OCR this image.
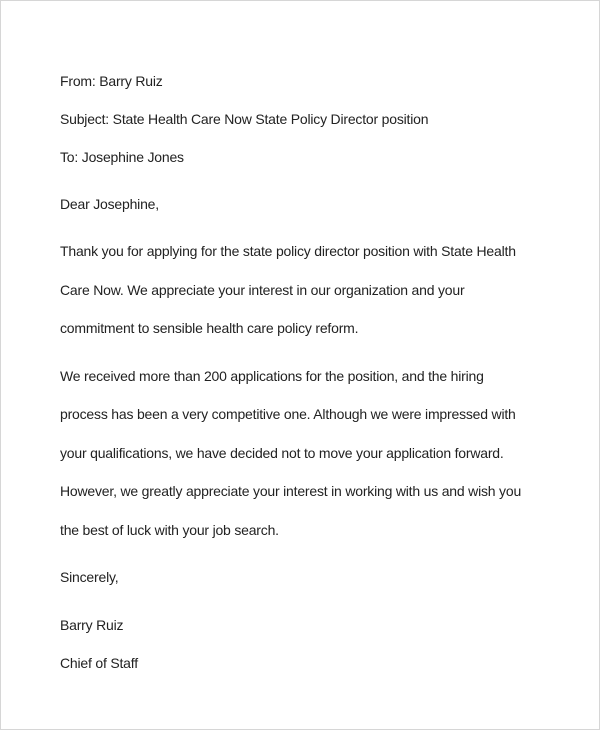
From: Barry Ruiz

Subject: State Health Care Now State Policy Director position

To: Josephine Jones

Dear Josephine,

Thank you for applying for the state policy director position with State Health

Care Now. We appreciate your interest in our organization and your

commitment to sensible health care policy reform.

We received more than 200 applications for the position, and the hiring

process has been a very competitive one. Although we were impressed with

your qualifications, we have decided not to move your application forward.

However, we greatly appreciate your interest in working with us and wish you

the best of luck with your job search.

Sincerely,

Barry Ruiz

Chief of Staff
